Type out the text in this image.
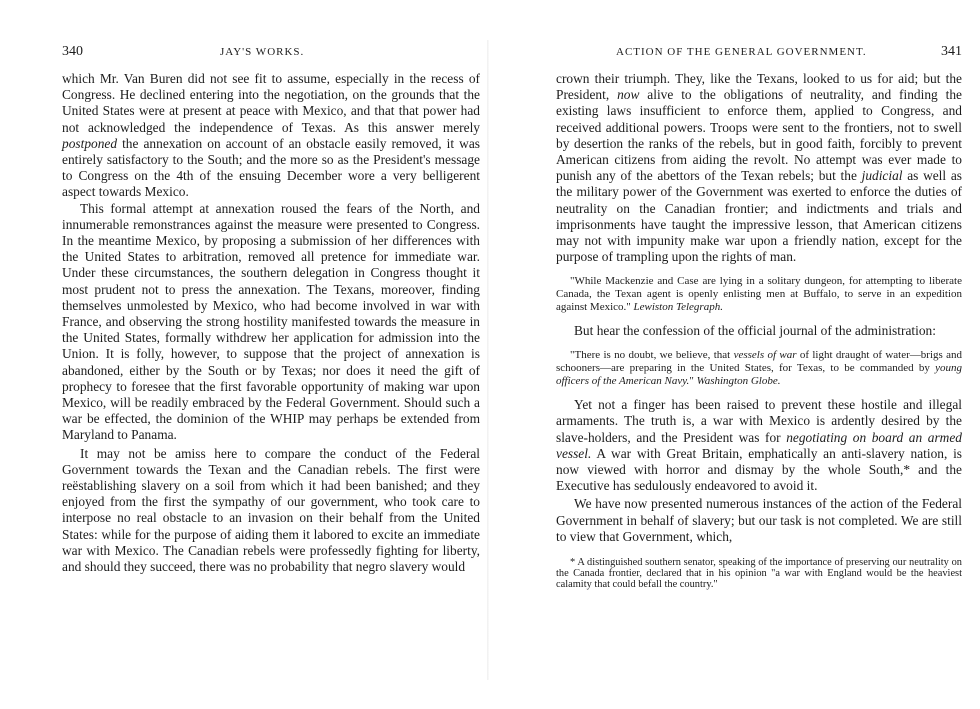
340	JAY'S WORKS.

which Mr. Van Buren did not see fit to assume, especially in the recess of Congress. He declined entering into the negotiation, on the grounds that the United States were at present at peace with Mexico, and that that power had not acknowledged the independence of Texas. As this answer merely postponed the annexation on account of an obstacle easily removed, it was entirely satisfactory to the South; and the more so as the President's message to Congress on the 4th of the ensuing December wore a very belligerent aspect towards Mexico.

This formal attempt at annexation roused the fears of the North, and innumerable remonstrances against the measure were presented to Congress. In the meantime Mexico, by proposing a submission of her differences with the United States to arbitration, removed all pretence for immediate war. Under these circumstances, the southern delegation in Congress thought it most prudent not to press the annexation. The Texans, moreover, finding themselves unmolested by Mexico, who had become involved in war with France, and observing the strong hostility manifested towards the measure in the United States, formally withdrew her application for admission into the Union. It is folly, however, to suppose that the project of annexation is abandoned, either by the South or by Texas; nor does it need the gift of prophecy to foresee that the first favorable opportunity of making war upon Mexico, will be readily embraced by the Federal Government. Should such a war be effected, the dominion of the WHIP may perhaps be extended from Maryland to Panama.

It may not be amiss here to compare the conduct of the Federal Government towards the Texan and the Canadian rebels. The first were reëstablishing slavery on a soil from which it had been banished; and they enjoyed from the first the sympathy of our government, who took care to interpose no real obstacle to an invasion on their behalf from the United States: while for the purpose of aiding them it labored to excite an immediate war with Mexico. The Canadian rebels were professedly fighting for liberty, and should they succeed, there was no probability that negro slavery would

ACTION OF THE GENERAL GOVERNMENT.	341

crown their triumph. They, like the Texans, looked to us for aid; but the President, now alive to the obligations of neutrality, and finding the existing laws insufficient to enforce them, applied to Congress, and received additional powers. Troops were sent to the frontiers, not to swell by desertion the ranks of the rebels, but in good faith, forcibly to prevent American citizens from aiding the revolt. No attempt was ever made to punish any of the abettors of the Texan rebels; but the judicial as well as the military power of the Government was exerted to enforce the duties of neutrality on the Canadian frontier; and indictments and trials and imprisonments have taught the impressive lesson, that American citizens may not with impunity make war upon a friendly nation, except for the purpose of trampling upon the rights of man.

"While Mackenzie and Case are lying in a solitary dungeon, for attempting to liberate Canada, the Texan agent is openly enlisting men at Buffalo, to serve in an expedition against Mexico." Lewiston Telegraph.

But hear the confession of the official journal of the administration:

"There is no doubt, we believe, that vessels of war of light draught of water—brigs and schooners—are preparing in the United States, for Texas, to be commanded by young officers of the American Navy." Washington Globe.

Yet not a finger has been raised to prevent these hostile and illegal armaments. The truth is, a war with Mexico is ardently desired by the slave-holders, and the President was for negotiating on board an armed vessel. A war with Great Britain, emphatically an anti-slavery nation, is now viewed with horror and dismay by the whole South,* and the Executive has sedulously endeavored to avoid it.

We have now presented numerous instances of the action of the Federal Government in behalf of slavery; but our task is not completed. We are still to view that Government, which,

* A distinguished southern senator, speaking of the importance of preserving our neutrality on the Canada frontier, declared that in his opinion "a war with England would be the heaviest calamity that could befall the country."
